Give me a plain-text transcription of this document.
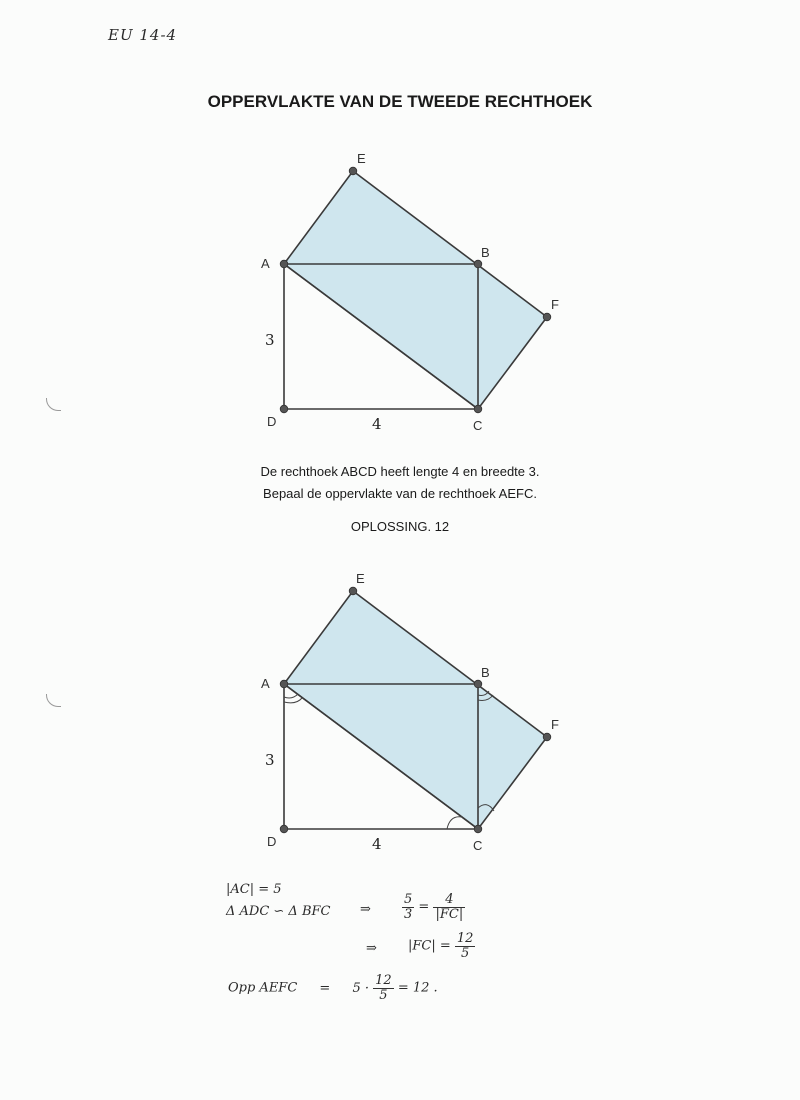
EU 14-4
OPPERVLAKTE VAN DE TWEEDE RECHTHOEK
E
A
B
F
D	C
3
4
De rechthoek ABCD heeft lengte 4 en breedte 3.
Bepaal de oppervlakte van de rechthoek AEFC.
OPLOSSING. 12
E
A
B
F
D	C
3
4
|AC| = 5
Δ ADC ∽ Δ BFC ⇒ $\frac{5}{3} = \frac{4}{|FC|}$
⇒ $|FC| = \frac{12}{5}$
Opp AEFC = $5 \cdot \frac{12}{5} = 12$ .
